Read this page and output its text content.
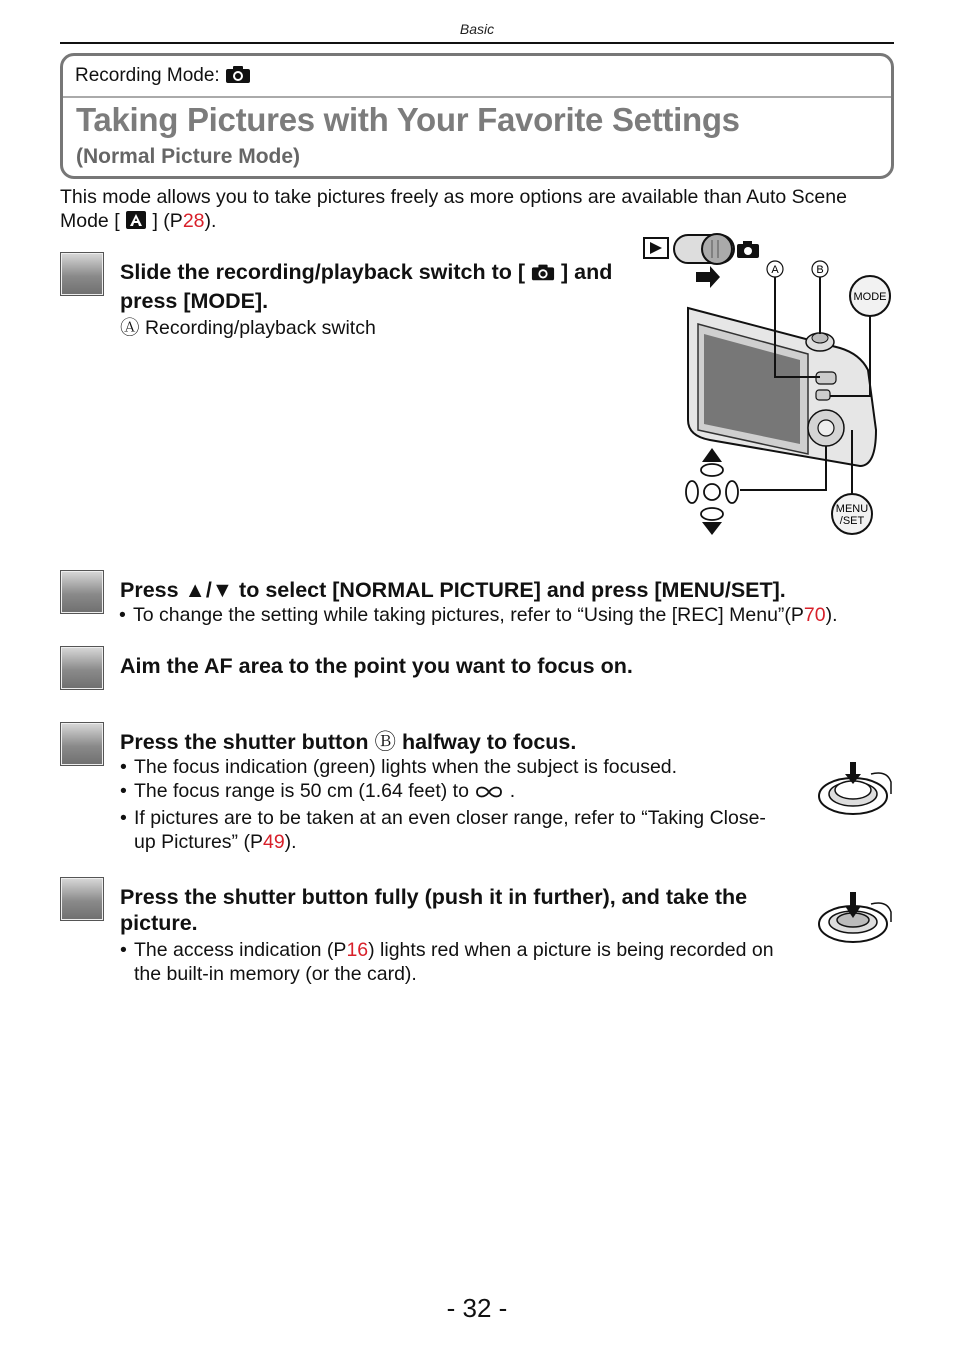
Basic
Recording Mode:
Taking Pictures with Your Favorite Settings
(Normal Picture Mode)
This mode allows you to take pictures freely as more options are available than Auto Scene Mode [ ] (P28).
Slide the recording/playback switch to [ ] and press [MODE].
Ⓐ Recording/playback switch
A	B
MODE
MENU
/SET
Press ▲/▼ to select [NORMAL PICTURE] and press [MENU/SET].
• To change the setting while taking pictures, refer to “Using the [REC] Menu”(P70).
Aim the AF area to the point you want to focus on.
Press the shutter button Ⓑ halfway to focus.
• The focus indication (green) lights when the subject is focused.
• The focus range is 50 cm (1.64 feet) to  .
• If pictures are to be taken at an even closer range, refer to “Taking Close-up Pictures” (P49).
Press the shutter button fully (push it in further), and take the picture.
• The access indication (P16) lights red when a picture is being recorded on the built-in memory (or the card).
- 32 -
